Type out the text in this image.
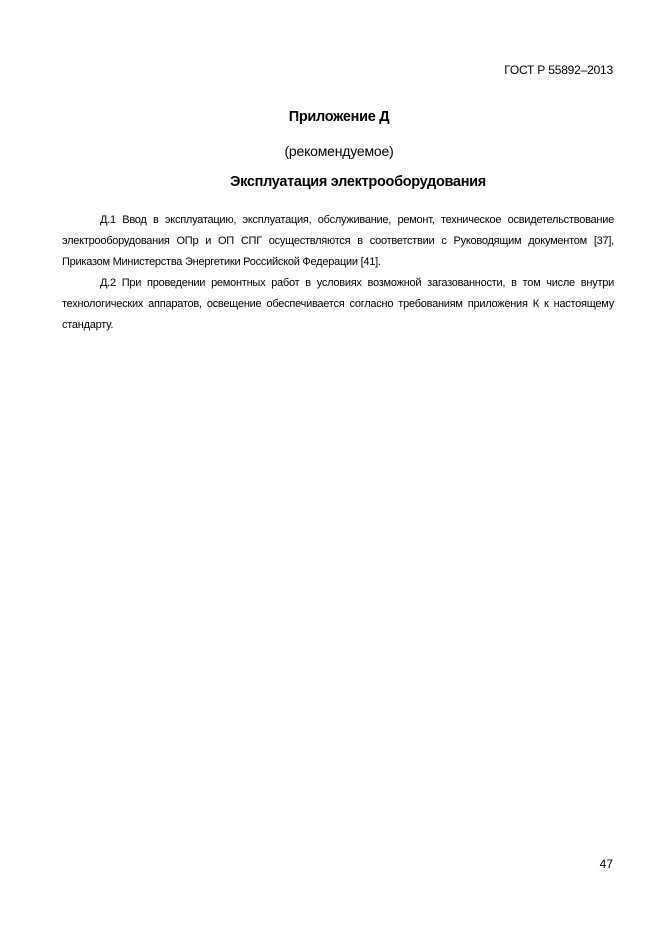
ГОСТ Р 55892–2013
Приложение Д
(рекомендуемое)
Эксплуатация электрооборудования

Д.1 Ввод в эксплуатацию, эксплуатация, обслуживание, ремонт, техническое освидетельствование электрооборудования ОПр и ОП СПГ осуществляются в соответствии с Руководящим документом [37], Приказом Министерства Энергетики Российской Федерации [41].

Д.2 При проведении ремонтных работ в условиях возможной загазованности, в том числе внутри технологических аппаратов, освещение обеспечивается согласно требованиям приложения К к настоящему стандарту.

47
